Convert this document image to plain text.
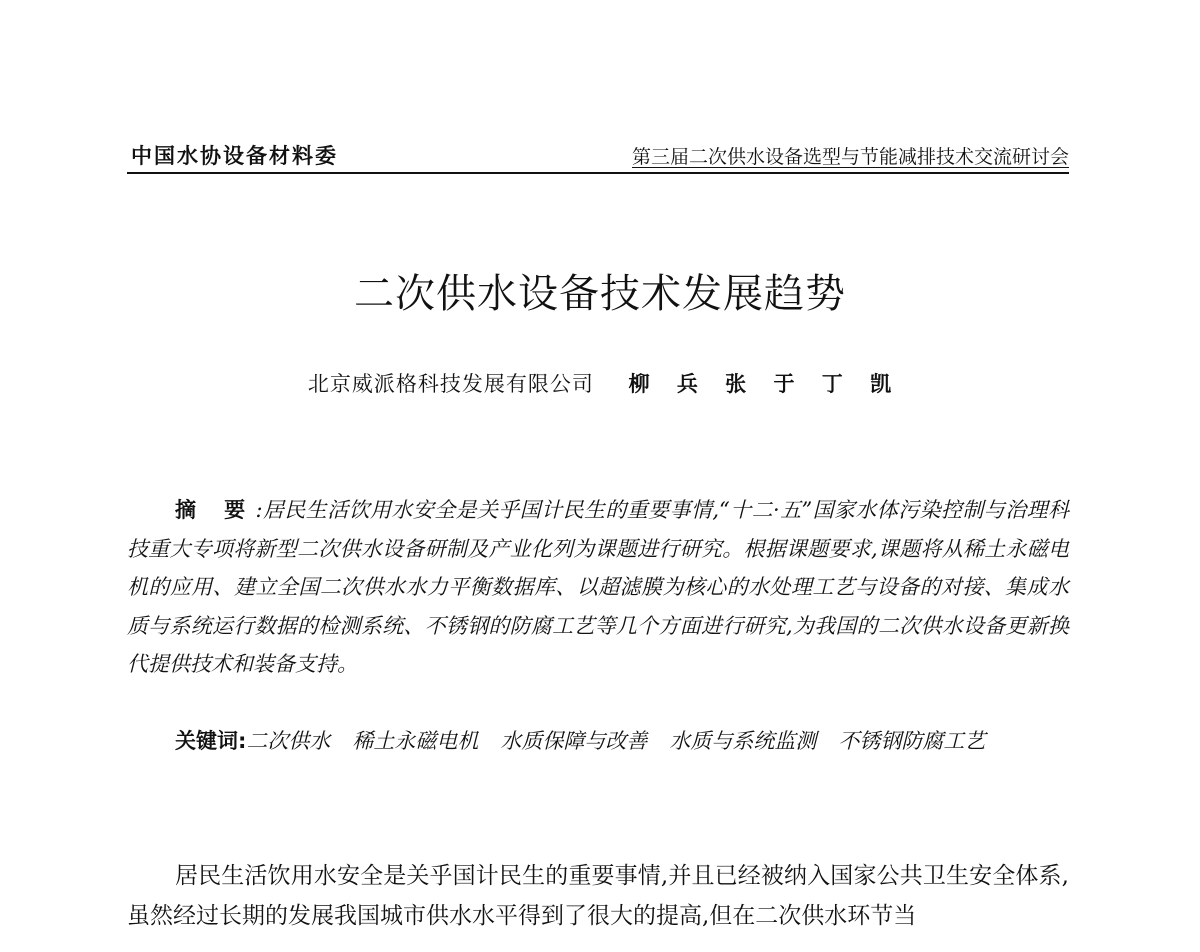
中国水协设备材料委	第三届二次供水设备选型与节能减排技术交流研讨会
二次供水设备技术发展趋势
北京威派格科技发展有限公司 柳 兵 张 于 丁 凯

摘 要:居民生活饮用水安全是关乎国计民生的重要事情,“十二·五”国家水体污染控制与治理科技重大专项将新型二次供水设备研制及产业化列为课题进行研究。根据课题要求,课题将从稀土永磁电机的应用、建立全国二次供水水力平衡数据库、以超滤膜为核心的水处理工艺与设备的对接、集成水质与系统运行数据的检测系统、不锈钢的防腐工艺等几个方面进行研究,为我国的二次供水设备更新换代提供技术和装备支持。

关键词:二次供水 稀土永磁电机 水质保障与改善 水质与系统监测 不锈钢防腐工艺

居民生活饮用水安全是关乎国计民生的重要事情,并且已经被纳入国家公共卫生安全体系,虽然经过长期的发展我国城市供水水平得到了很大的提高,但在二次供水环节当
